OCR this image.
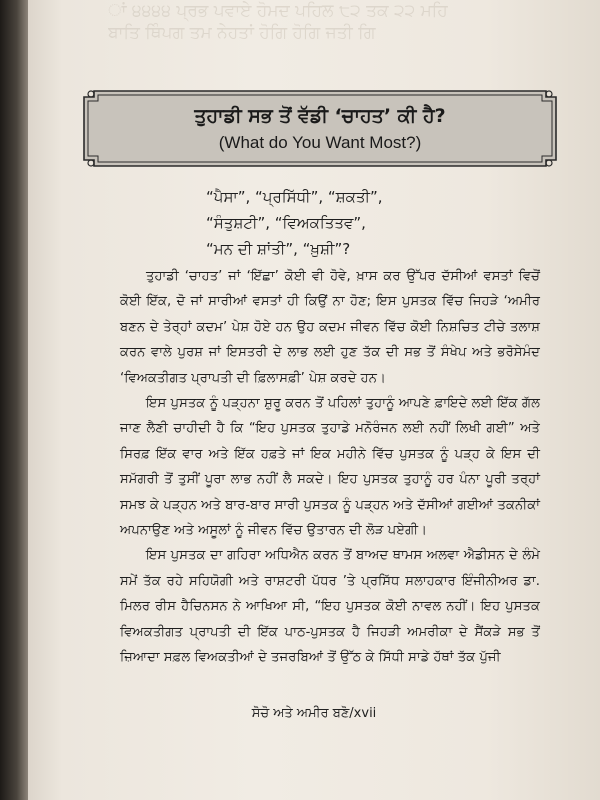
ਾਂ ੪੪੪੪ ਪ੍ਰਭ ਪਵਾਏ ਹੋਮਦ ਪਹਿਲ ੮੨ ਤਕ ੨੨ ਮਹਿ
ਬਾਤਿ ਥਿੰਪਗ ਤਮ ਨੇਹਤਾਂ ਹੋਗਿ ਹੋਗਿ ਜਤੀ ਗਿ
ਤੁਹਾਡੀ ਸਭ ਤੋਂ ਵੱਡੀ ‘ਚਾਹਤ’ ਕੀ ਹੈ?
(What do You Want Most?)
“ਪੈਸਾ”, “ਪ੍ਰਸਿੱਧੀ”, “ਸ਼ਕਤੀ”,
“ਸੰਤੁਸ਼ਟੀ”, “ਵਿਅਕਤਿਤਵ”,
“ਮਨ ਦੀ ਸ਼ਾਂਤੀ”, “ਖ਼ੁਸ਼ੀ”?

ਤੁਹਾਡੀ ‘ਚਾਹਤ’ ਜਾਂ ‘ਇੱਛਾ’ ਕੋਈ ਵੀ ਹੋਵੇ, ਖ਼ਾਸ ਕਰ ਉੱਪਰ ਦੱਸੀਆਂ ਵਸਤਾਂ ਵਿਚੋਂ ਕੋਈ ਇੱਕ, ਦੋ ਜਾਂ ਸਾਰੀਆਂ ਵਸਤਾਂ ਹੀ ਕਿਉਂ ਨਾ ਹੋਣ; ਇਸ ਪੁਸਤਕ ਵਿੱਚ ਜਿਹੜੇ ‘ਅਮੀਰ ਬਣਨ ਦੇ ਤੇਰ੍ਹਾਂ ਕਦਮ’ ਪੇਸ਼ ਹੋਏ ਹਨ ਉਹ ਕਦਮ ਜੀਵਨ ਵਿੱਚ ਕੋਈ ਨਿਸ਼ਚਿਤ ਟੀਚੇ ਤਲਾਸ਼ ਕਰਨ ਵਾਲੇ ਪੁਰਸ਼ ਜਾਂ ਇਸਤਰੀ ਦੇ ਲਾਭ ਲਈ ਹੁਣ ਤੱਕ ਦੀ ਸਭ ਤੋਂ ਸੰਖੇਪ ਅਤੇ ਭਰੋਸੇਮੰਦ ‘ਵਿਅਕਤੀਗਤ ਪ੍ਰਾਪਤੀ ਦੀ ਫ਼ਿਲਾਸਫ਼ੀ’ ਪੇਸ਼ ਕਰਦੇ ਹਨ।

ਇਸ ਪੁਸਤਕ ਨੂੰ ਪੜ੍ਹਨਾ ਸ਼ੁਰੂ ਕਰਨ ਤੋਂ ਪਹਿਲਾਂ ਤੁਹਾਨੂੰ ਆਪਣੇ ਫ਼ਾਇਦੇ ਲਈ ਇੱਕ ਗੱਲ ਜਾਣ ਲੈਣੀ ਚਾਹੀਦੀ ਹੈ ਕਿ “ਇਹ ਪੁਸਤਕ ਤੁਹਾਡੇ ਮਨੋਰੰਜਨ ਲਈ ਨਹੀਂ ਲਿਖੀ ਗਈ” ਅਤੇ ਸਿਰਫ਼ ਇੱਕ ਵਾਰ ਅਤੇ ਇੱਕ ਹਫ਼ਤੇ ਜਾਂ ਇਕ ਮਹੀਨੇ ਵਿੱਚ ਪੁਸਤਕ ਨੂੰ ਪੜ੍ਹ ਕੇ ਇਸ ਦੀ ਸਮੱਗਰੀ ਤੋਂ ਤੁਸੀਂ ਪੂਰਾ ਲਾਭ ਨਹੀਂ ਲੈ ਸਕਦੇ। ਇਹ ਪੁਸਤਕ ਤੁਹਾਨੂੰ ਹਰ ਪੰਨਾ ਪੂਰੀ ਤਰ੍ਹਾਂ ਸਮਝ ਕੇ ਪੜ੍ਹਨ ਅਤੇ ਬਾਰ-ਬਾਰ ਸਾਰੀ ਪੁਸਤਕ ਨੂੰ ਪੜ੍ਹਨ ਅਤੇ ਦੱਸੀਆਂ ਗਈਆਂ ਤਕਨੀਕਾਂ ਅਪਨਾਉਣ ਅਤੇ ਅਸੂਲਾਂ ਨੂੰ ਜੀਵਨ ਵਿੱਚ ਉਤਾਰਨ ਦੀ ਲੋੜ ਪਏਗੀ।

ਇਸ ਪੁਸਤਕ ਦਾ ਗਹਿਰਾ ਅਧਿਐਨ ਕਰਨ ਤੋਂ ਬਾਅਦ ਥਾਮਸ ਅਲਵਾ ਐਡੀਸਨ ਦੇ ਲੰਮੇ ਸਮੇਂ ਤੱਕ ਰਹੇ ਸਹਿਯੋਗੀ ਅਤੇ ਰਾਸ਼ਟਰੀ ਪੱਧਰ ’ਤੇ ਪ੍ਰਸਿੱਧ ਸਲਾਹਕਾਰ ਇੰਜੀਨੀਅਰ ਡਾ. ਮਿਲਰ ਰੀਸ ਹੈਚਿਨਸਨ ਨੇ ਆਖਿਆ ਸੀ, “ਇਹ ਪੁਸਤਕ ਕੋਈ ਨਾਵਲ ਨਹੀਂ। ਇਹ ਪੁਸਤਕ ਵਿਅਕਤੀਗਤ ਪ੍ਰਾਪਤੀ ਦੀ ਇੱਕ ਪਾਠ-ਪੁਸਤਕ ਹੈ ਜਿਹੜੀ ਅਮਰੀਕਾ ਦੇ ਸੈਂਕੜੇ ਸਭ ਤੋਂ ਜ਼ਿਆਦਾ ਸਫ਼ਲ ਵਿਅਕਤੀਆਂ ਦੇ ਤਜਰਬਿਆਂ ਤੋਂ ਉੱਠ ਕੇ ਸਿੱਧੀ ਸਾਡੇ ਹੱਥਾਂ ਤੱਕ ਪੁੱਜੀ

ਸੋਚੋ ਅਤੇ ਅਮੀਰ ਬਣੋ/xvii
